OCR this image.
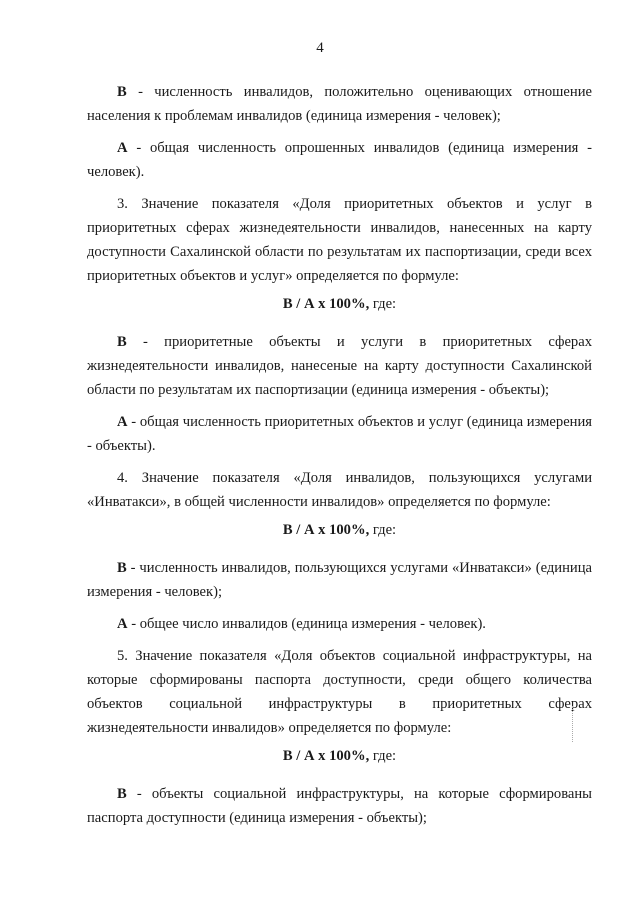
4

В - численность инвалидов, положительно оценивающих отношение населения к проблемам инвалидов (единица измерения - человек);

А - общая численность опрошенных инвалидов (единица измерения - человек).

3. Значение показателя «Доля приоритетных объектов и услуг в приоритетных сферах жизнедеятельности инвалидов, нанесенных на карту доступности Сахалинской области по результатам их паспортизации, среди всех приоритетных объектов и услуг» определяется по формуле:

В / А х 100%, где:

В - приоритетные объекты и услуги в приоритетных сферах жизнедеятельности инвалидов, нанесеные на карту доступности Сахалинской области по результатам их паспортизации (единица измерения - объекты);

А - общая численность приоритетных объектов и услуг (единица измерения - объекты).

4. Значение показателя «Доля инвалидов, пользующихся услугами «Инватакси», в общей численности инвалидов» определяется по формуле:

В / А х 100%, где:

В - численность инвалидов, пользующихся услугами «Инватакси» (единица измерения - человек);

А - общее число инвалидов (единица измерения - человек).

5. Значение показателя «Доля объектов социальной инфраструктуры, на которые сформированы паспорта доступности, среди общего количества объектов социальной инфраструктуры в приоритетных сферах жизнедеятельности инвалидов» определяется по формуле:

В / А х 100%, где:

В - объекты социальной инфраструктуры, на которые сформированы паспорта доступности (единица измерения - объекты);
